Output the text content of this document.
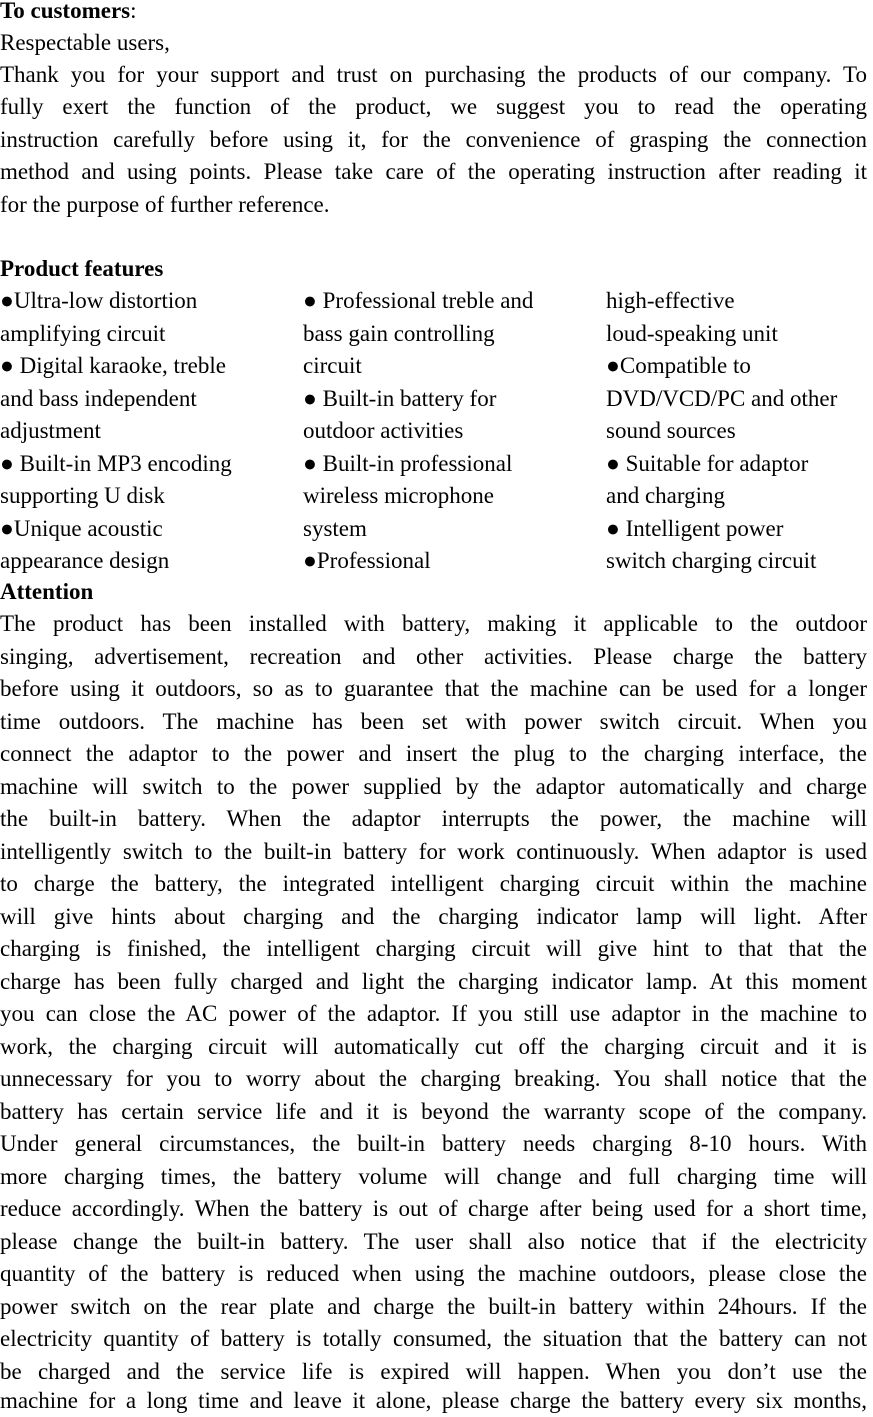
To customers:
Respectable users,
Thank you for your support and trust on purchasing the products of our company. To
fully exert the function of the product, we suggest you to read the operating
instruction carefully before using it, for the convenience of grasping the connection
method and using points. Please take care of the operating instruction after reading it
for the purpose of further reference.
Product features
●Ultra-low distortion
amplifying circuit
● Digital karaoke, treble
and bass independent
adjustment
● Built-in MP3 encoding
supporting U disk
●Unique acoustic
appearance design
● Professional treble and
bass gain controlling
circuit
● Built-in battery for
outdoor activities
● Built-in professional
wireless microphone
system
●Professional
high-effective
loud-speaking unit
●Compatible to
DVD/VCD/PC and other
sound sources
● Suitable for adaptor
and charging
● Intelligent power
switch charging circuit
Attention
The product has been installed with battery, making it applicable to the outdoor
singing, advertisement, recreation and other activities. Please charge the battery
before using it outdoors, so as to guarantee that the machine can be used for a longer
time outdoors. The machine has been set with power switch circuit. When you
connect the adaptor to the power and insert the plug to the charging interface, the
machine will switch to the power supplied by the adaptor automatically and charge
the built-in battery. When the adaptor interrupts the power, the machine will
intelligently switch to the built-in battery for work continuously. When adaptor is used
to charge the battery, the integrated intelligent charging circuit within the machine
will give hints about charging and the charging indicator lamp will light. After
charging is finished, the intelligent charging circuit will give hint to that that the
charge has been fully charged and light the charging indicator lamp. At this moment
you can close the AC power of the adaptor. If you still use adaptor in the machine to
work, the charging circuit will automatically cut off the charging circuit and it is
unnecessary for you to worry about the charging breaking. You shall notice that the
battery has certain service life and it is beyond the warranty scope of the company.
Under general circumstances, the built-in battery needs charging 8-10 hours. With
more charging times, the battery volume will change and full charging time will
reduce accordingly. When the battery is out of charge after being used for a short time,
please change the built-in battery. The user shall also notice that if the electricity
quantity of the battery is reduced when using the machine outdoors, please close the
power switch on the rear plate and charge the built-in battery within 24hours. If the
electricity quantity of battery is totally consumed, the situation that the battery can not
be charged and the service life is expired will happen. When you don’t use the
machine for a long time and leave it alone, please charge the battery every six months,
